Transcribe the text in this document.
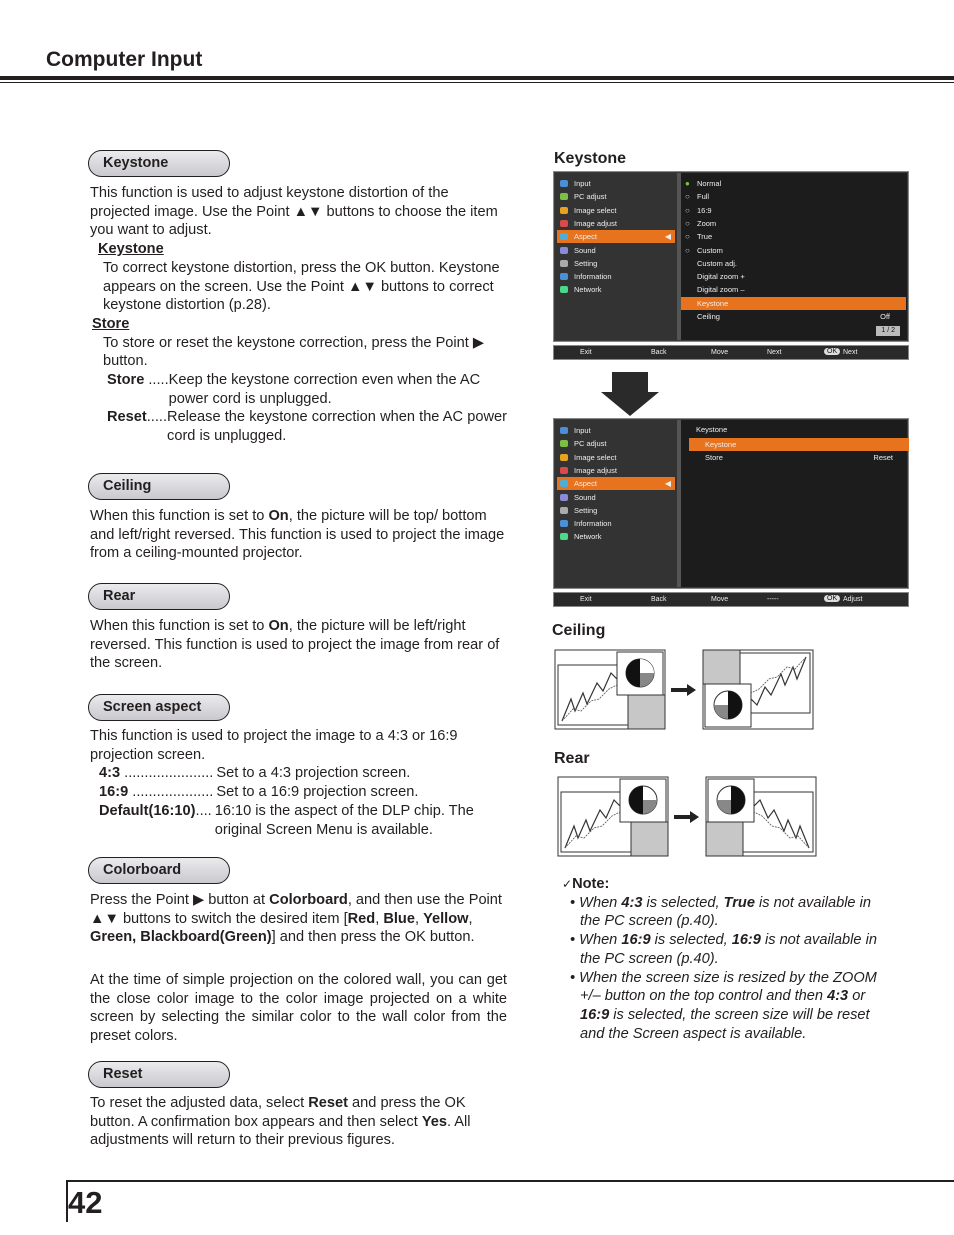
Computer Input
Keystone
This function is used to adjust keystone distortion of the projected image. Use the Point ▲▼ buttons to choose the item you want to adjust.
Keystone
To correct keystone distortion, press the OK button. Keystone appears on the screen. Use the Point ▲▼ buttons to correct keystone distortion (p.28).
Store
To store or reset the keystone correction, press the Point ▶ button.
Store ..... Keep the keystone correction even when the AC power cord is unplugged.
Reset..... Release the keystone correction when the AC power cord is unplugged.
Ceiling
When this function is set to On, the picture will be top/ bottom and left/right reversed. This function is used to project the image from a ceiling-mounted projector.
Rear
When this function is set to On, the picture will be left/right reversed. This function is used to project the image from rear of the screen.
Screen aspect
This function is used to project the image to a 4:3 or 16:9 projection screen.
4:3 ...................... Set to a 4:3 projection screen.
16:9 .................... Set to a 16:9 projection screen.
Default(16:10).... 16:10 is the aspect of the DLP chip. The original Screen Menu is available.
Colorboard
Press the Point ▶ button at Colorboard, and then use the Point ▲▼ buttons to switch the desired item [Red, Blue, Yellow, Green, Blackboard(Green)] and then press the OK button.
At the time of simple projection on the colored wall, you can get the close color image to the color image projected on a white screen by selecting the similar color to the wall color from the preset colors.
Reset
To reset the adjusted data, select Reset and press the OK button. A confirmation box appears and then select Yes. All adjustments will return to their previous figures.
Keystone
Input
PC adjust
Image select
Image adjust
Aspect	◀
Sound
Setting
Information
Network
● Normal
○ Full
○ 16:9
○ Zoom
○ True
○ Custom
Custom adj.
Digital zoom +
Digital zoom –
Keystone
Ceiling	Off
1 / 2
Exit	Back	Move	Next	OK Next
Input
PC adjust
Image select
Image adjust
Aspect	◀
Sound
Setting
Information
Network
Keystone
Keystone
Store	Reset
Exit	Back	Move	-----	OK Adjust
Ceiling
Rear
✓Note:
• When 4:3 is selected, True is not available in the PC screen (p.40).
• When 16:9 is selected, 16:9 is not available in the PC screen (p.40).
• When the screen size is resized by the ZOOM +/– button on the top control and then 4:3 or 16:9 is selected, the screen size will be reset and the Screen aspect is available.
42
